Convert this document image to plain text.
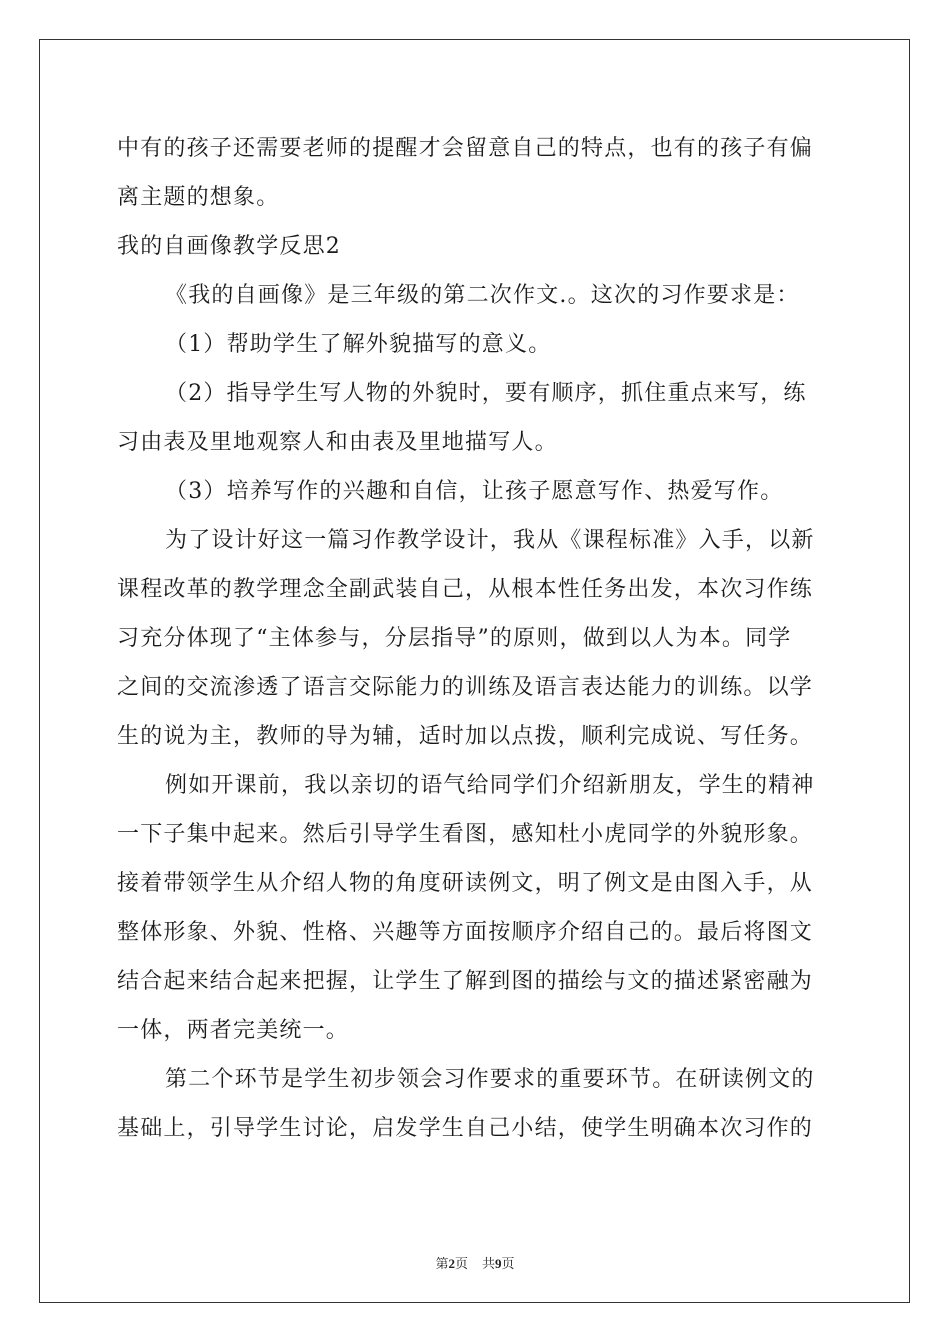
中有的孩子还需要老师的提醒才会留意自己的特点，也有的孩子有偏
离主题的想象。
我的自画像教学反思2
《我的自画像》是三年级的第二次作文.。这次的习作要求是：
（1）帮助学生了解外貌描写的意义。
（2）指导学生写人物的外貌时，要有顺序，抓住重点来写，练
习由表及里地观察人和由表及里地描写人。
（3）培养写作的兴趣和自信，让孩子愿意写作、热爱写作。
为了设计好这一篇习作教学设计，我从《课程标准》入手，以新
课程改革的教学理念全副武装自己，从根本性任务出发，本次习作练
习充分体现了“主体参与，分层指导”的原则，做到以人为本。同学
之间的交流渗透了语言交际能力的训练及语言表达能力的训练。以学
生的说为主，教师的导为辅，适时加以点拨，顺利完成说、写任务。
例如开课前，我以亲切的语气给同学们介绍新朋友，学生的精神
一下子集中起来。然后引导学生看图，感知杜小虎同学的外貌形象。
接着带领学生从介绍人物的角度研读例文，明了例文是由图入手，从
整体形象、外貌、性格、兴趣等方面按顺序介绍自己的。最后将图文
结合起来结合起来把握，让学生了解到图的描绘与文的描述紧密融为
一体，两者完美统一。
第二个环节是学生初步领会习作要求的重要环节。在研读例文的
基础上，引导学生讨论，启发学生自己小结，使学生明确本次习作的
第2页 共9页
